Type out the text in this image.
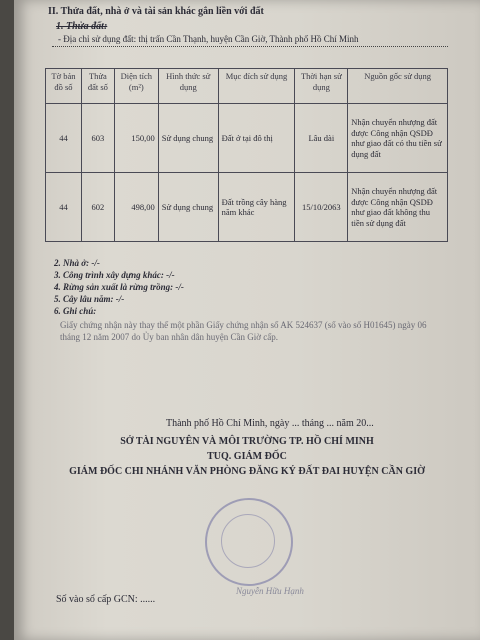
II. Thửa đất, nhà ở và tài sản khác gắn liền với đất
1. Thửa đất:
- Địa chỉ sử dụng đất: thị trấn Cần Thạnh, huyện Cần Giờ, Thành phố Hồ Chí Minh
Tờ bản đồ số	Thửa đất số	Diện tích (m²)	Hình thức sử dụng	Mục đích sử dụng	Thời hạn sử dụng	Nguồn gốc sử dụng
44	603	150,00	Sử dụng chung	Đất ở tại đô thị	Lâu dài	Nhận chuyển nhượng đất được Công nhận QSDĐ như giao đất có thu tiền sử dụng đất
44	602	498,00	Sử dụng chung	Đất trồng cây hàng năm khác	15/10/2063	Nhận chuyển nhượng đất được Công nhận QSDĐ như giao đất không thu tiền sử dụng đất
2. Nhà ở: -/-
3. Công trình xây dựng khác: -/-
4. Rừng sản xuất là rừng trồng: -/-
5. Cây lâu năm: -/-
6. Ghi chú:
Giấy chứng nhận này thay thế một phần Giấy chứng nhận số AK 524637 (số vào số H01645) ngày 06 tháng 12 năm 2007 do Ủy ban nhân dân huyện Cần Giờ cấp.
Thành phố Hồ Chí Minh, ngày ... tháng ... năm 20...
SỞ TÀI NGUYÊN VÀ MÔI TRƯỜNG TP. HỒ CHÍ MINH
TUQ. GIÁM ĐỐC
GIÁM ĐỐC CHI NHÁNH VĂN PHÒNG ĐĂNG KÝ ĐẤT ĐAI HUYỆN CẦN GIỜ
Nguyễn Hữu Hạnh
Số vào sổ cấp GCN: ......
